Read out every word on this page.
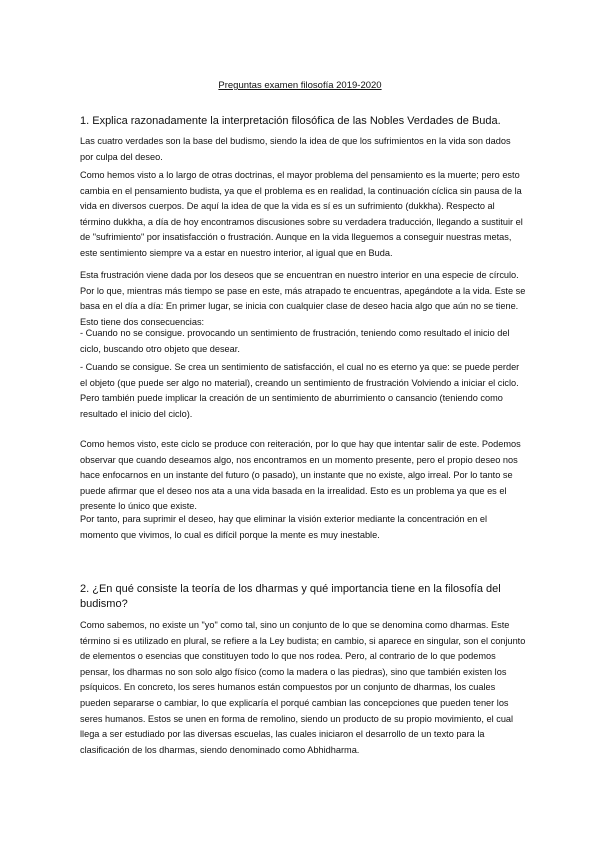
Preguntas examen filosofía 2019-2020
1. Explica razonadamente la interpretación filosófica de las Nobles Verdades de Buda.

Las cuatro verdades son la base del budismo, siendo la idea de que los sufrimientos en la vida son dados por culpa del deseo.

Como hemos visto a lo largo de otras doctrinas, el mayor problema del pensamiento es la muerte; pero esto cambia en el pensamiento budista, ya que el problema es en realidad, la continuación cíclica sin pausa de la vida en diversos cuerpos. De aquí la idea de que la vida es sí es un sufrimiento (dukkha). Respecto al término dukkha, a día de hoy encontramos discusiones sobre su verdadera traducción, llegando a sustituir el de "sufrimiento" por insatisfacción o frustración. Aunque en la vida lleguemos a conseguir nuestras metas, este sentimiento siempre va a estar en nuestro interior, al igual que en Buda.

Esta frustración viene dada por los deseos que se encuentran en nuestro interior en una especie de círculo. Por lo que, mientras más tiempo se pase en este, más atrapado te encuentras, apegándote a la vida. Este se basa en el día a día: En primer lugar, se inicia con cualquier clase de deseo hacia algo que aún no se tiene. Esto tiene dos consecuencias:

- Cuando no se consigue. provocando un sentimiento de frustración, teniendo como resultado el inicio del ciclo, buscando otro objeto que desear.

- Cuando se consigue. Se crea un sentimiento de satisfacción, el cual no es eterno ya que: se puede perder el objeto (que puede ser algo no material), creando un sentimiento de frustración Volviendo a iniciar el ciclo. Pero también puede implicar la creación de un sentimiento de aburrimiento o cansancio (teniendo como resultado el inicio del ciclo).

Como hemos visto, este ciclo se produce con reiteración, por lo que hay que intentar salir de este. Podemos observar que cuando deseamos algo, nos encontramos en un momento presente, pero el propio deseo nos hace enfocarnos en un instante del futuro (o pasado), un instante que no existe, algo irreal. Por lo tanto se puede afirmar que el deseo nos ata a una vida basada en la irrealidad. Esto es un problema ya que es el presente lo único que existe.

Por tanto, para suprimir el deseo, hay que eliminar la visión exterior mediante la concentración en el momento que vivimos, lo cual es difícil porque la mente es muy inestable.

2. ¿En qué consiste la teoría de los dharmas y qué importancia tiene en la filosofía del budismo?

Como sabemos, no existe un "yo" como tal, sino un conjunto de lo que se denomina como dharmas. Este término si es utilizado en plural, se refiere a la Ley budista; en cambio, si aparece en singular, son el conjunto de elementos o esencias que constituyen todo lo que nos rodea. Pero, al contrario de lo que podemos pensar, los dharmas no son solo algo físico (como la madera o las piedras), sino que también existen los psíquicos. En concreto, los seres humanos están compuestos por un conjunto de dharmas, los cuales pueden separarse o cambiar, lo que explicaría el porqué cambian las concepciones que pueden tener los seres humanos. Estos se unen en forma de remolino, siendo un producto de su propio movimiento, el cual llega a ser estudiado por las diversas escuelas, las cuales iniciaron el desarrollo de un texto para la clasificación de los dharmas, siendo denominado como Abhidharma.
